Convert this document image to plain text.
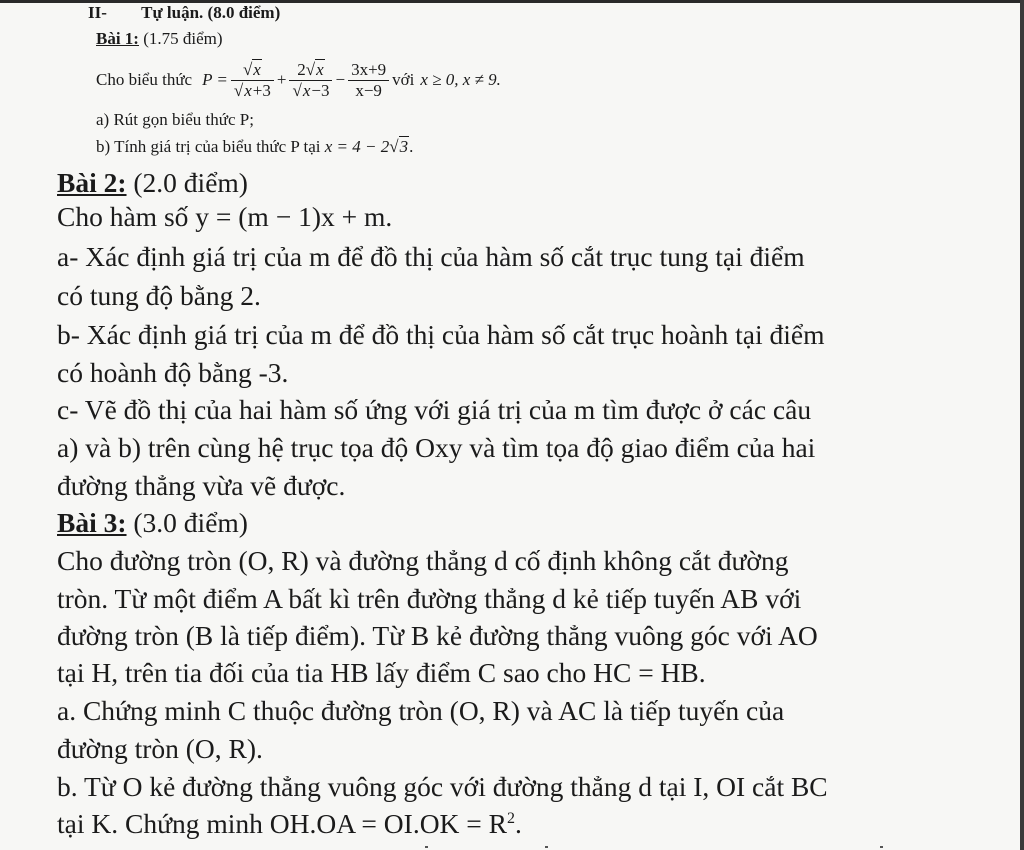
II- Tự luận. (8.0 điểm)
Bài 1: (1.75 điểm)
Cho biểu thức $P = \frac{√x}{√x+3} + \frac{2√x}{√x-3} - \frac{3x+9}{x-9}$ với x ≥ 0, x ≠ 9.
a) Rút gọn biểu thức P;
b) Tính giá trị của biểu thức P tại x = 4 − 2√3.
Bài 2: (2.0 điểm)
Cho hàm số y = (m − 1)x + m.
a- Xác định giá trị của m để đồ thị của hàm số cắt trục tung tại điểm
có tung độ bằng 2.
b- Xác định giá trị của m để đồ thị của hàm số cắt trục hoành tại điểm
có hoành độ bằng -3.
c- Vẽ đồ thị của hai hàm số ứng với giá trị của m tìm được ở các câu
a) và b) trên cùng hệ trục tọa độ Oxy và tìm tọa độ giao điểm của hai
đường thẳng vừa vẽ được.
Bài 3: (3.0 điểm)
Cho đường tròn (O, R) và đường thẳng d cố định không cắt đường
tròn. Từ một điểm A bất kì trên đường thẳng d kẻ tiếp tuyến AB với
đường tròn (B là tiếp điểm). Từ B kẻ đường thẳng vuông góc với AO
tại H, trên tia đối của tia HB lấy điểm C sao cho HC = HB.
a. Chứng minh C thuộc đường tròn (O, R) và AC là tiếp tuyến của
đường tròn (O, R).
b. Từ O kẻ đường thẳng vuông góc với đường thẳng d tại I, OI cắt BC
tại K. Chứng minh $OH.OA = OI.OK = R^2$.
